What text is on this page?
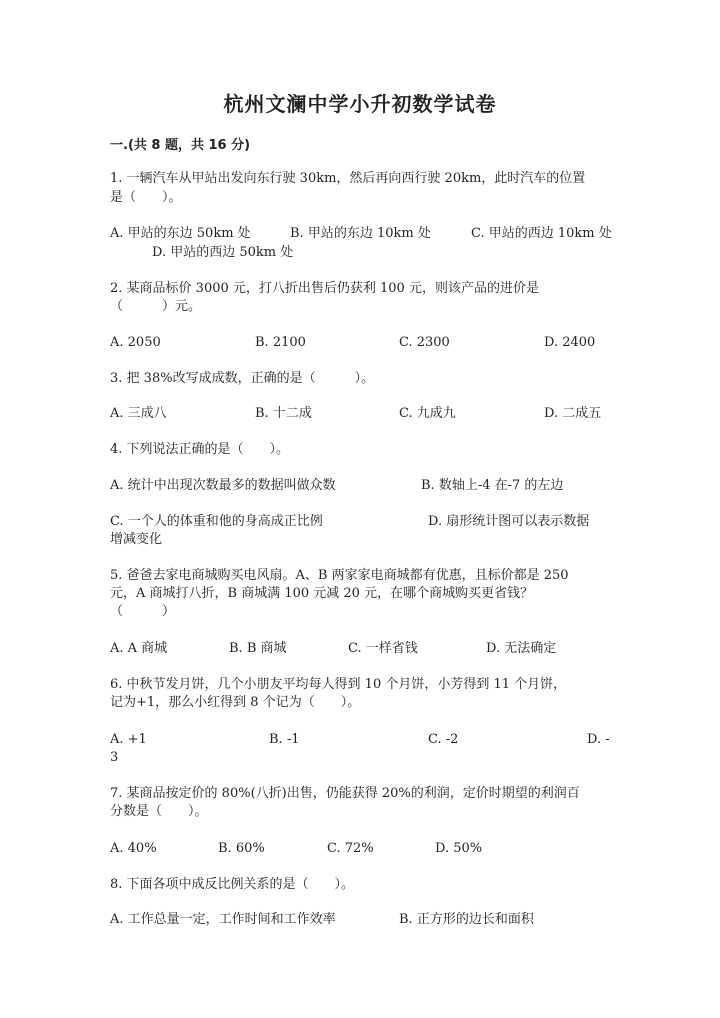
杭州文澜中学小升初数学试卷
一.(共 8 题，共 16 分)
1. 一辆汽车从甲站出发向东行驶 30km，然后再向西行驶 20km，此时汽车的位置
是（　　）。
A. 甲站的东边 50km 处	B. 甲站的东边 10km 处	C. 甲站的西边 10km 处
D. 甲站的西边 50km 处
2. 某商品标价 3000 元，打八折出售后仍获利 100 元，则该产品的进价是
（　　　）元。
A. 2050	B. 2100	C. 2300	D. 2400
3. 把 38%改写成成数，正确的是（　　　）。
A. 三成八	B. 十二成	C. 九成九	D. 二成五
4. 下列说法正确的是（　　）。
A. 统计中出现次数最多的数据叫做众数	B. 数轴上-4 在-7 的左边
C. 一个人的体重和他的身高成正比例	D. 扇形统计图可以表示数据
增减变化
5. 爸爸去家电商城购买电风扇。A、B 两家家电商城都有优惠，且标价都是 250
元，A 商城打八折，B 商城满 100 元减 20 元，在哪个商城购买更省钱？
（　　　）
A. A 商城	B. B 商城	C. 一样省钱	D. 无法确定
6. 中秋节发月饼，几个小朋友平均每人得到 10 个月饼，小芳得到 11 个月饼，
记为+1，那么小红得到 8 个记为（　　）。
A. +1	B. -1	C. -2	D. -
3
7. 某商品按定价的 80%(八折)出售，仍能获得 20%的利润，定价时期望的利润百
分数是（　　）。
A. 40%	B. 60%	C. 72%	D. 50%
8. 下面各项中成反比例关系的是（　　）。
A. 工作总量一定，工作时间和工作效率	B. 正方形的边长和面积
